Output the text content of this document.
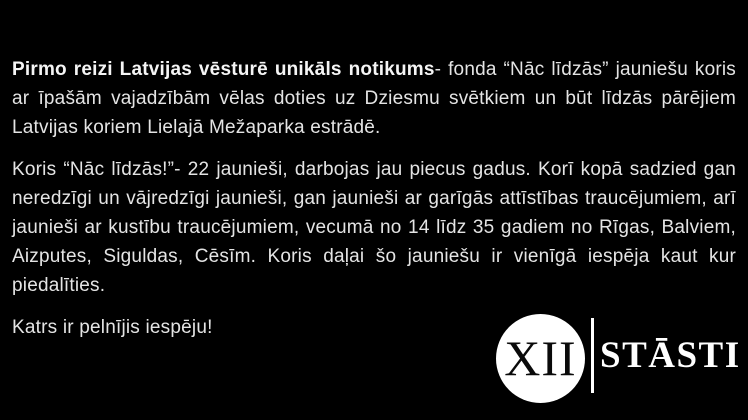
Pirmo reizi Latvijas vēsturē unikāls notikums- fonda “Nāc līdzās” jauniešu koris ar īpašām vajadzībām vēlas doties uz Dziesmu svētkiem un būt līdzās pārējiem Latvijas koriem Lielajā Mežaparka estrādē.

Koris “Nāc līdzās!”- 22 jaunieši, darbojas jau piecus gadus. Korī kopā sadzied gan neredzīgi un vājredzīgi jaunieši, gan jaunieši ar garīgās attīstības traucējumiem, arī jaunieši ar kustību traucējumiem, vecumā no 14 līdz 35 gadiem no Rīgas, Balviem, Aizputes, Siguldas, Cēsīm. Koris daļai šo jauniešu ir vienīgā iespēja kaut kur piedalīties.

Katrs ir pelnījis iespēju!

XII STĀSTI
